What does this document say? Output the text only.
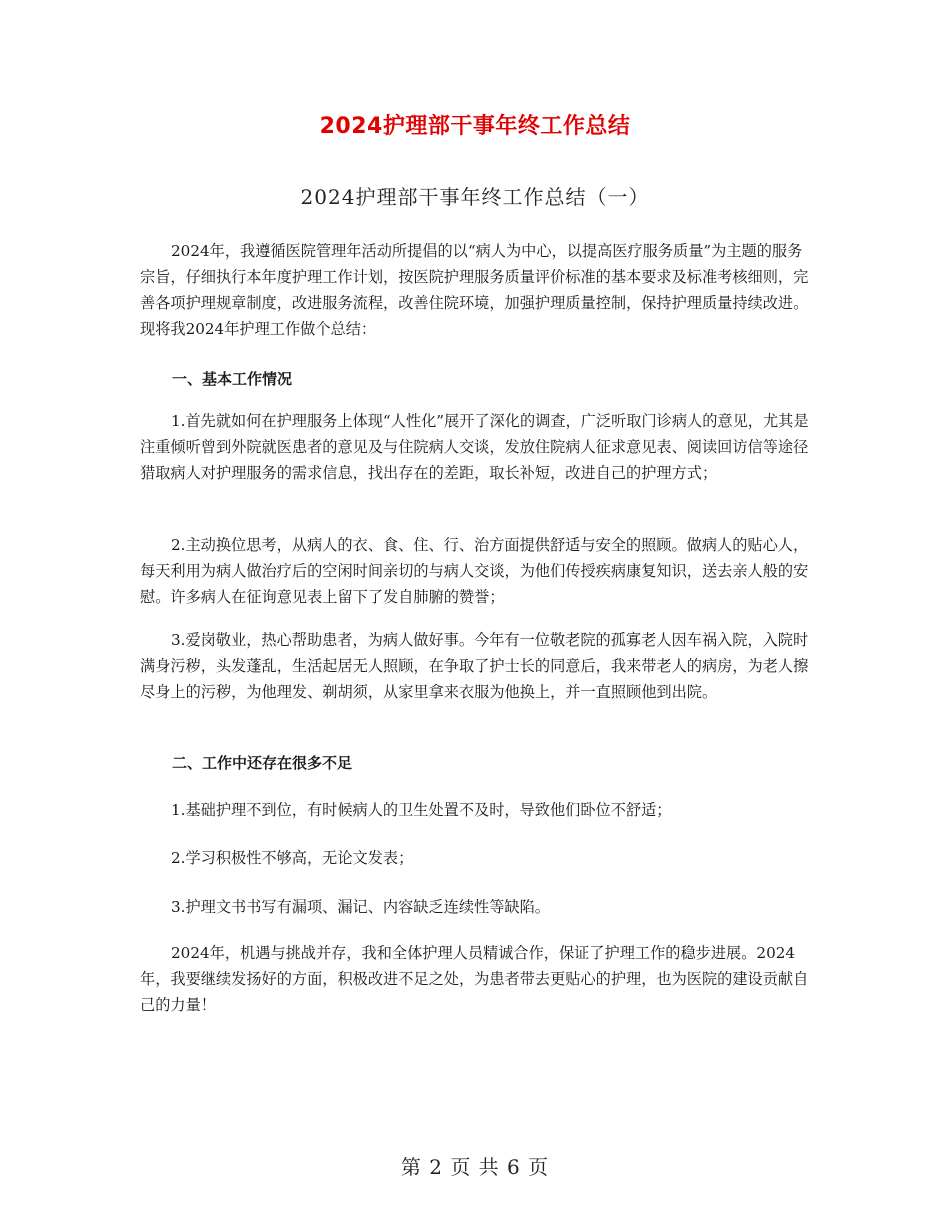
2024护理部干事年终工作总结
2024护理部干事年终工作总结（一）

2024年，我遵循医院管理年活动所提倡的以“病人为中心，以提高医疗服务质量”为主题的服务宗旨，仔细执行本年度护理工作计划，按医院护理服务质量评价标准的基本要求及标准考核细则，完善各项护理规章制度，改进服务流程，改善住院环境，加强护理质量控制，保持护理质量持续改进。现将我2024年护理工作做个总结：

一、基本工作情况

1.首先就如何在护理服务上体现“人性化”展开了深化的调查，广泛听取门诊病人的意见，尤其是注重倾听曾到外院就医患者的意见及与住院病人交谈，发放住院病人征求意见表、阅读回访信等途径猎取病人对护理服务的需求信息，找出存在的差距，取长补短，改进自己的护理方式；

2.主动换位思考，从病人的衣、食、住、行、治方面提供舒适与安全的照顾。做病人的贴心人，每天利用为病人做治疗后的空闲时间亲切的与病人交谈，为他们传授疾病康复知识，送去亲人般的安慰。许多病人在征询意见表上留下了发自肺腑的赞誉；

3.爱岗敬业，热心帮助患者，为病人做好事。今年有一位敬老院的孤寡老人因车祸入院，入院时满身污秽，头发蓬乱，生活起居无人照顾，在争取了护士长的同意后，我来带老人的病房，为老人擦尽身上的污秽，为他理发、剃胡须，从家里拿来衣服为他换上，并一直照顾他到出院。

二、工作中还存在很多不足

1.基础护理不到位，有时候病人的卫生处置不及时，导致他们卧位不舒适；

2.学习积极性不够高，无论文发表；

3.护理文书书写有漏项、漏记、内容缺乏连续性等缺陷。

2024年，机遇与挑战并存，我和全体护理人员精诚合作，保证了护理工作的稳步进展。2024年，我要继续发扬好的方面，积极改进不足之处，为患者带去更贴心的护理，也为医院的建设贡献自己的力量！

第 2 页 共 6 页
